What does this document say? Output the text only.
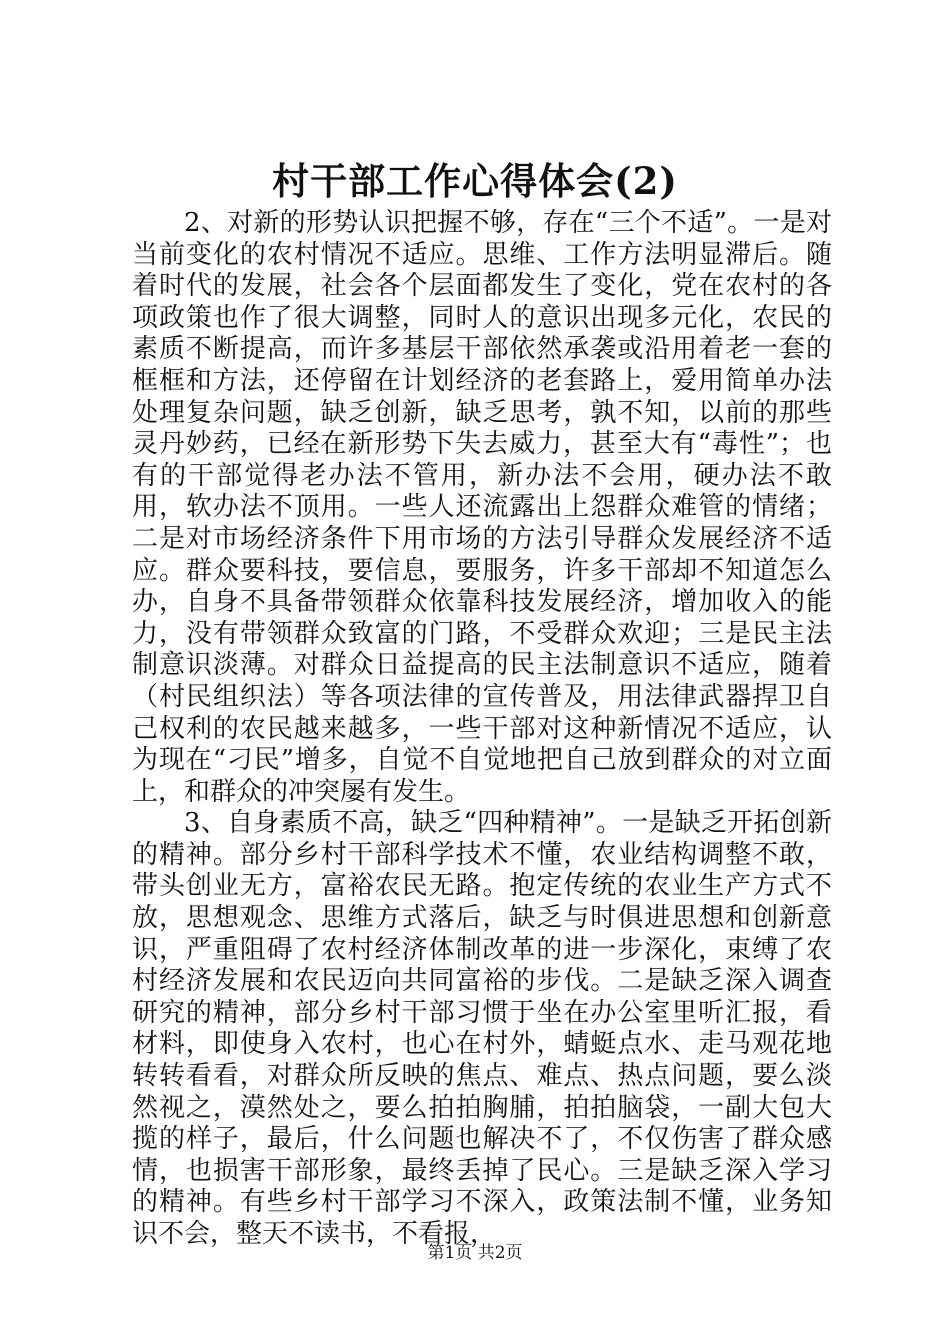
村干部工作心得体会(2)

2、对新的形势认识把握不够，存在“三个不适”。一是对当前变化的农村情况不适应。思维、工作方法明显滞后。随着时代的发展，社会各个层面都发生了变化，党在农村的各项政策也作了很大调整，同时人的意识出现多元化，农民的素质不断提高，而许多基层干部依然承袭或沿用着老一套的框框和方法，还停留在计划经济的老套路上，爱用简单办法处理复杂问题，缺乏创新，缺乏思考，孰不知，以前的那些灵丹妙药，已经在新形势下失去威力，甚至大有“毒性”；也有的干部觉得老办法不管用，新办法不会用，硬办法不敢用，软办法不顶用。一些人还流露出上怨群众难管的情绪；二是对市场经济条件下用市场的方法引导群众发展经济不适应。群众要科技，要信息，要服务，许多干部却不知道怎么办，自身不具备带领群众依靠科技发展经济，增加收入的能力，没有带领群众致富的门路，不受群众欢迎；三是民主法制意识淡薄。对群众日益提高的民主法制意识不适应，随着（村民组织法）等各项法律的宣传普及，用法律武器捍卫自己权利的农民越来越多，一些干部对这种新情况不适应，认为现在“刁民”增多，自觉不自觉地把自己放到群众的对立面上，和群众的冲突屡有发生。

3、自身素质不高，缺乏“四种精神”。一是缺乏开拓创新的精神。部分乡村干部科学技术不懂，农业结构调整不敢，带头创业无方，富裕农民无路。抱定传统的农业生产方式不放，思想观念、思维方式落后，缺乏与时俱进思想和创新意识，严重阻碍了农村经济体制改革的进一步深化，束缚了农村经济发展和农民迈向共同富裕的步伐。二是缺乏深入调查研究的精神，部分乡村干部习惯于坐在办公室里听汇报，看材料，即使身入农村，也心在村外，蜻蜓点水、走马观花地转转看看，对群众所反映的焦点、难点、热点问题，要么淡然视之，漠然处之，要么拍拍胸脯，拍拍脑袋，一副大包大揽的样子，最后，什么问题也解决不了，不仅伤害了群众感情，也损害干部形象，最终丢掉了民心。三是缺乏深入学习的精神。有些乡村干部学习不深入，政策法制不懂，业务知识不会，整天不读书，不看报，

第1页 共2页
